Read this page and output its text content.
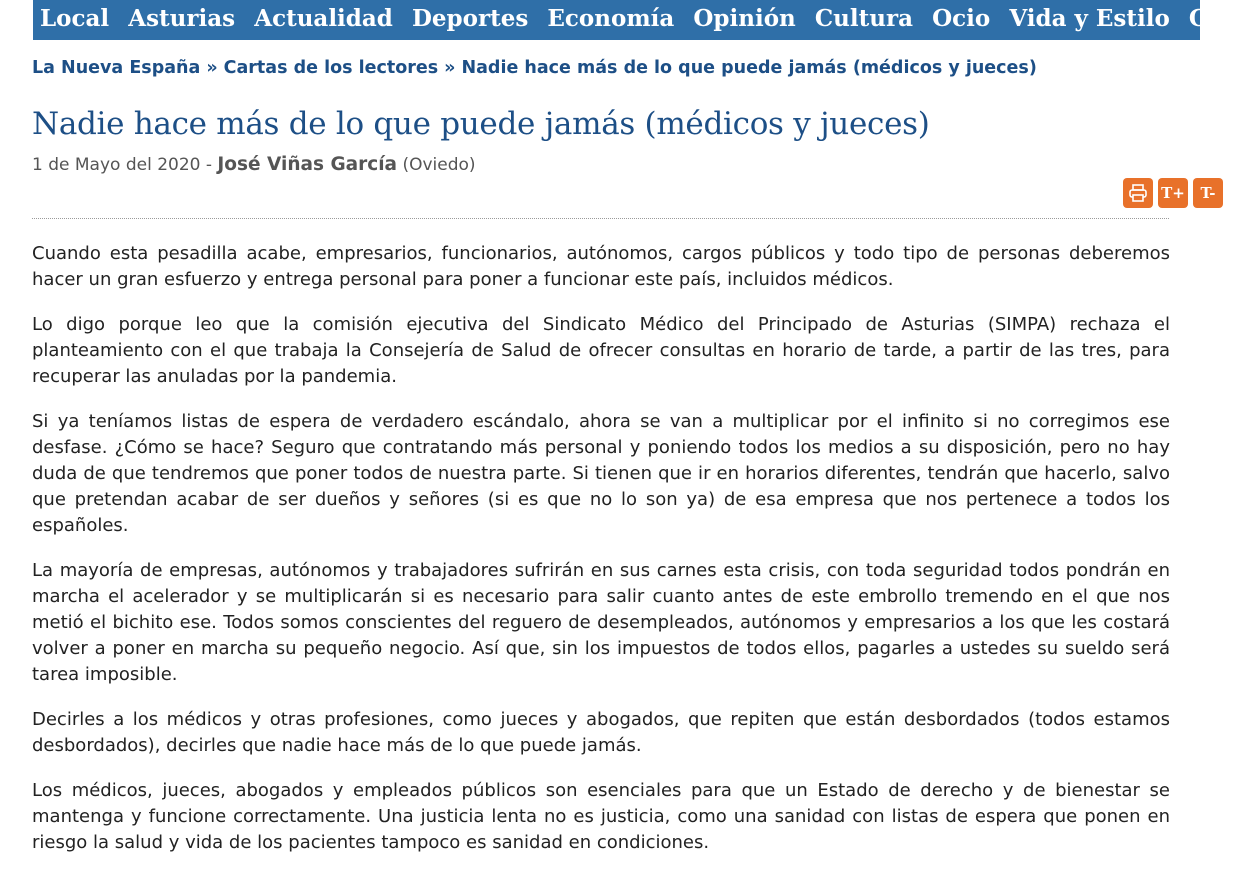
Local Asturias Actualidad Deportes Economía Opinión Cultura Ocio Vida y Estilo Com
La Nueva España » Cartas de los lectores » Nadie hace más de lo que puede jamás (médicos y jueces)
Nadie hace más de lo que puede jamás (médicos y jueces)
1 de Mayo del 2020 - José Viñas García (Oviedo)
T+	T-

Cuando esta pesadilla acabe, empresarios, funcionarios, autónomos, cargos públicos y todo tipo de personas deberemos hacer un gran esfuerzo y entrega personal para poner a funcionar este país, incluidos médicos.

Lo digo porque leo que la comisión ejecutiva del Sindicato Médico del Principado de Asturias (SIMPA) rechaza el planteamiento con el que trabaja la Consejería de Salud de ofrecer consultas en horario de tarde, a partir de las tres, para recuperar las anuladas por la pandemia.

Si ya teníamos listas de espera de verdadero escándalo, ahora se van a multiplicar por el infinito si no corregimos ese desfase. ¿Cómo se hace? Seguro que contratando más personal y poniendo todos los medios a su disposición, pero no hay duda de que tendremos que poner todos de nuestra parte. Si tienen que ir en horarios diferentes, tendrán que hacerlo, salvo que pretendan acabar de ser dueños y señores (si es que no lo son ya) de esa empresa que nos pertenece a todos los españoles.

La mayoría de empresas, autónomos y trabajadores sufrirán en sus carnes esta crisis, con toda seguridad todos pondrán en marcha el acelerador y se multiplicarán si es necesario para salir cuanto antes de este embrollo tremendo en el que nos metió el bichito ese. Todos somos conscientes del reguero de desempleados, autónomos y empresarios a los que les costará volver a poner en marcha su pequeño negocio. Así que, sin los impuestos de todos ellos, pagarles a ustedes su sueldo será tarea imposible.

Decirles a los médicos y otras profesiones, como jueces y abogados, que repiten que están desbordados (todos estamos desbordados), decirles que nadie hace más de lo que puede jamás.

Los médicos, jueces, abogados y empleados públicos son esenciales para que un Estado de derecho y de bienestar se mantenga y funcione correctamente. Una justicia lenta no es justicia, como una sanidad con listas de espera que ponen en riesgo la salud y vida de los pacientes tampoco es sanidad en condiciones.
